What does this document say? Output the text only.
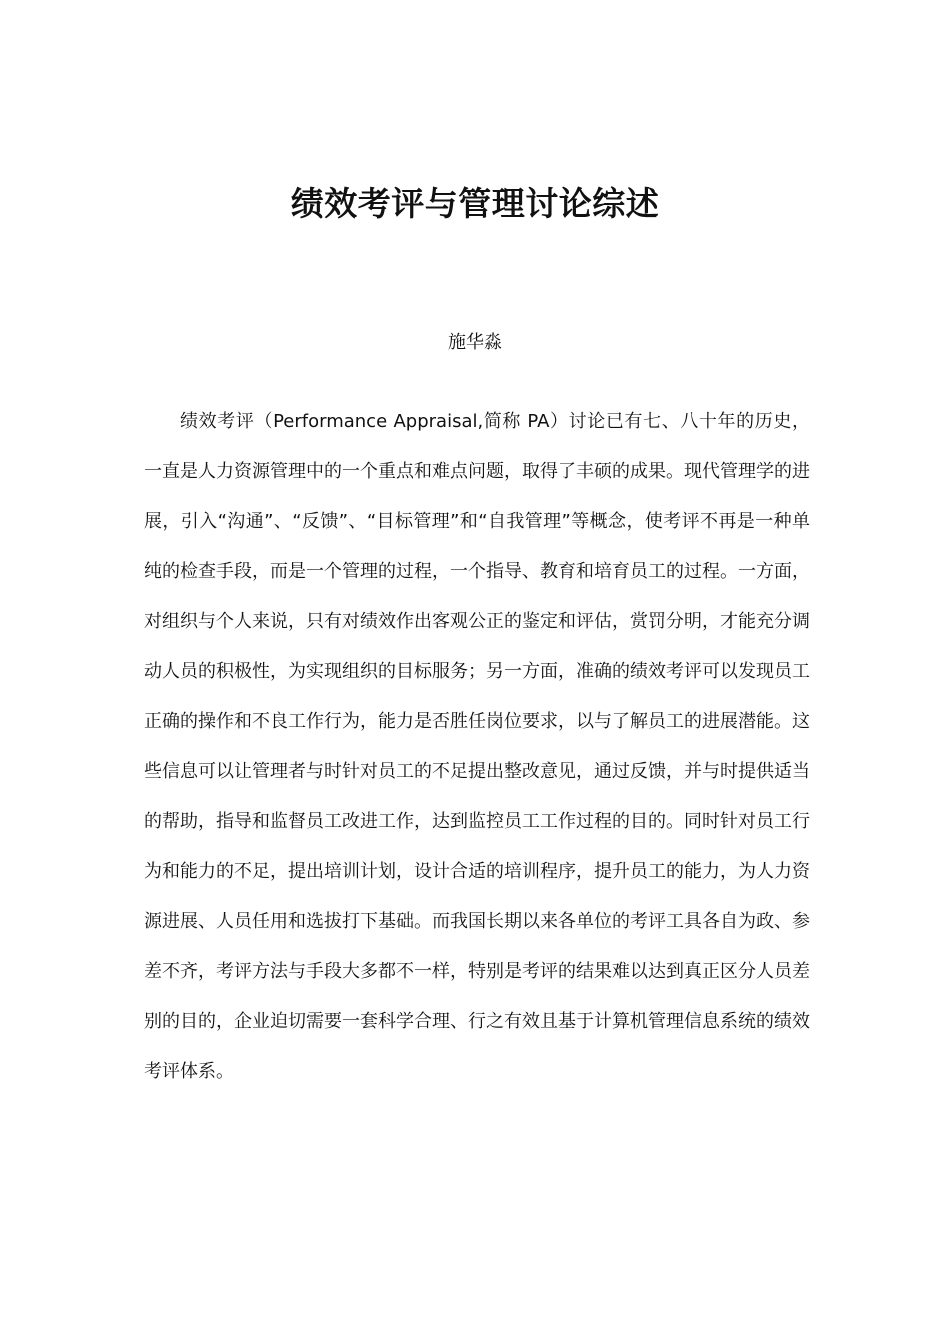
绩效考评与管理讨论综述

施华淼

绩效考评（Performance Appraisal,简称 PA）讨论已有七、八十年的历史，一直是人力资源管理中的一个重点和难点问题，取得了丰硕的成果。现代管理学的进展，引入“沟通”、“反馈”、“目标管理”和“自我管理”等概念，使考评不再是一种单纯的检查手段，而是一个管理的过程，一个指导、教育和培育员工的过程。一方面，对组织与个人来说，只有对绩效作出客观公正的鉴定和评估，赏罚分明，才能充分调动人员的积极性，为实现组织的目标服务；另一方面，准确的绩效考评可以发现员工正确的操作和不良工作行为，能力是否胜任岗位要求，以与了解员工的进展潜能。这些信息可以让管理者与时针对员工的不足提出整改意见，通过反馈，并与时提供适当的帮助，指导和监督员工改进工作，达到监控员工工作过程的目的。同时针对员工行为和能力的不足，提出培训计划，设计合适的培训程序，提升员工的能力，为人力资源进展、人员任用和选拔打下基础。而我国长期以来各单位的考评工具各自为政、参差不齐，考评方法与手段大多都不一样，特别是考评的结果难以达到真正区分人员差别的目的，企业迫切需要一套科学合理、行之有效且基于计算机管理信息系统的绩效考评体系。
